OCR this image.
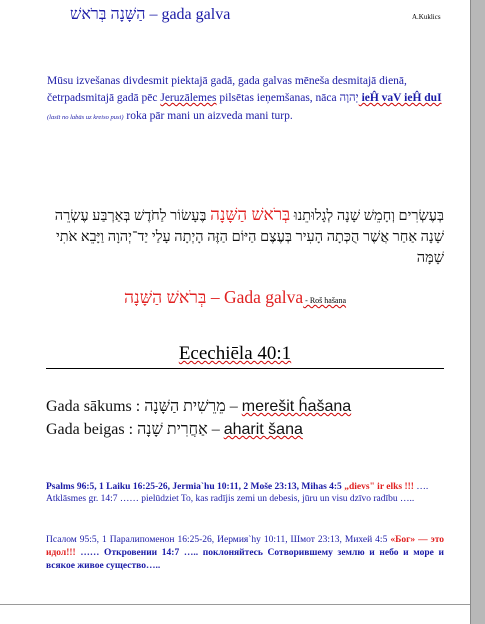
הַשָּׁנָה בְּרֹאשׁ – gada galva	A.Kuklics
Mūsu izvešanas divdesmit piektajā gadā, gada galvas mēneša desmitajā dienā, četrpadsmitajā gadā pēc Jeruzālemes pilsētas ieņemšanas, nāca יְהוָה ieĤ vaV ieĤ duI (lasīt no labās uz kreiso pusi) roka pār mani un aizveda mani turp.
בְּעֶשְׂרִים וְחָמֵשׁ שָׁנָה לְגָלוּתֵנוּ בְּרֹאשׁ הַשָּׁנָה בֶּעָשׂוֹר לַחֹדֶשׁ בְּאַרְבַּע עֶשְׂרֵה שָׁנָה אַחַר אֲשֶׁר הֻכְּתָה הָעִיר בְּעֶצֶם הַיּוֹם הַזֶּה הָיְתָה עָלַי יַד־יְהוָה וַיָּבֵא אֹתִי שָׁמָּה
בְּרֹאשׁ הַשָּׁנָה – Gada galva - Roš hašana
Ecechiēla 40:1
Gada sākums : מֵרֵשִׁית הַשָּׁנָה – merešit ĥašana
Gada beigas : אַחֲרִית שָׁנָה – aharit šana
Psalms 96:5, 1 Laiku 16:25-26, Jermia`hu 10:11, 2 Moše 23:13, Mihas 4:5 „dievs" ir elks !!! …. Atklāsmes gr. 14:7 …… pielūdziet To, kas radījis zemi un debesis, jūru un visu dzīvo radību …..
Псалом 95:5, 1 Паралипоменон 16:25-26, Иермия`hу 10:11, Шмот 23:13, Михей 4:5 «Бог» — это идол!!! …… Откровении 14:7 ….. поклоняйтесь Сотворившему землю и небо и море и всякое живое существо…..
